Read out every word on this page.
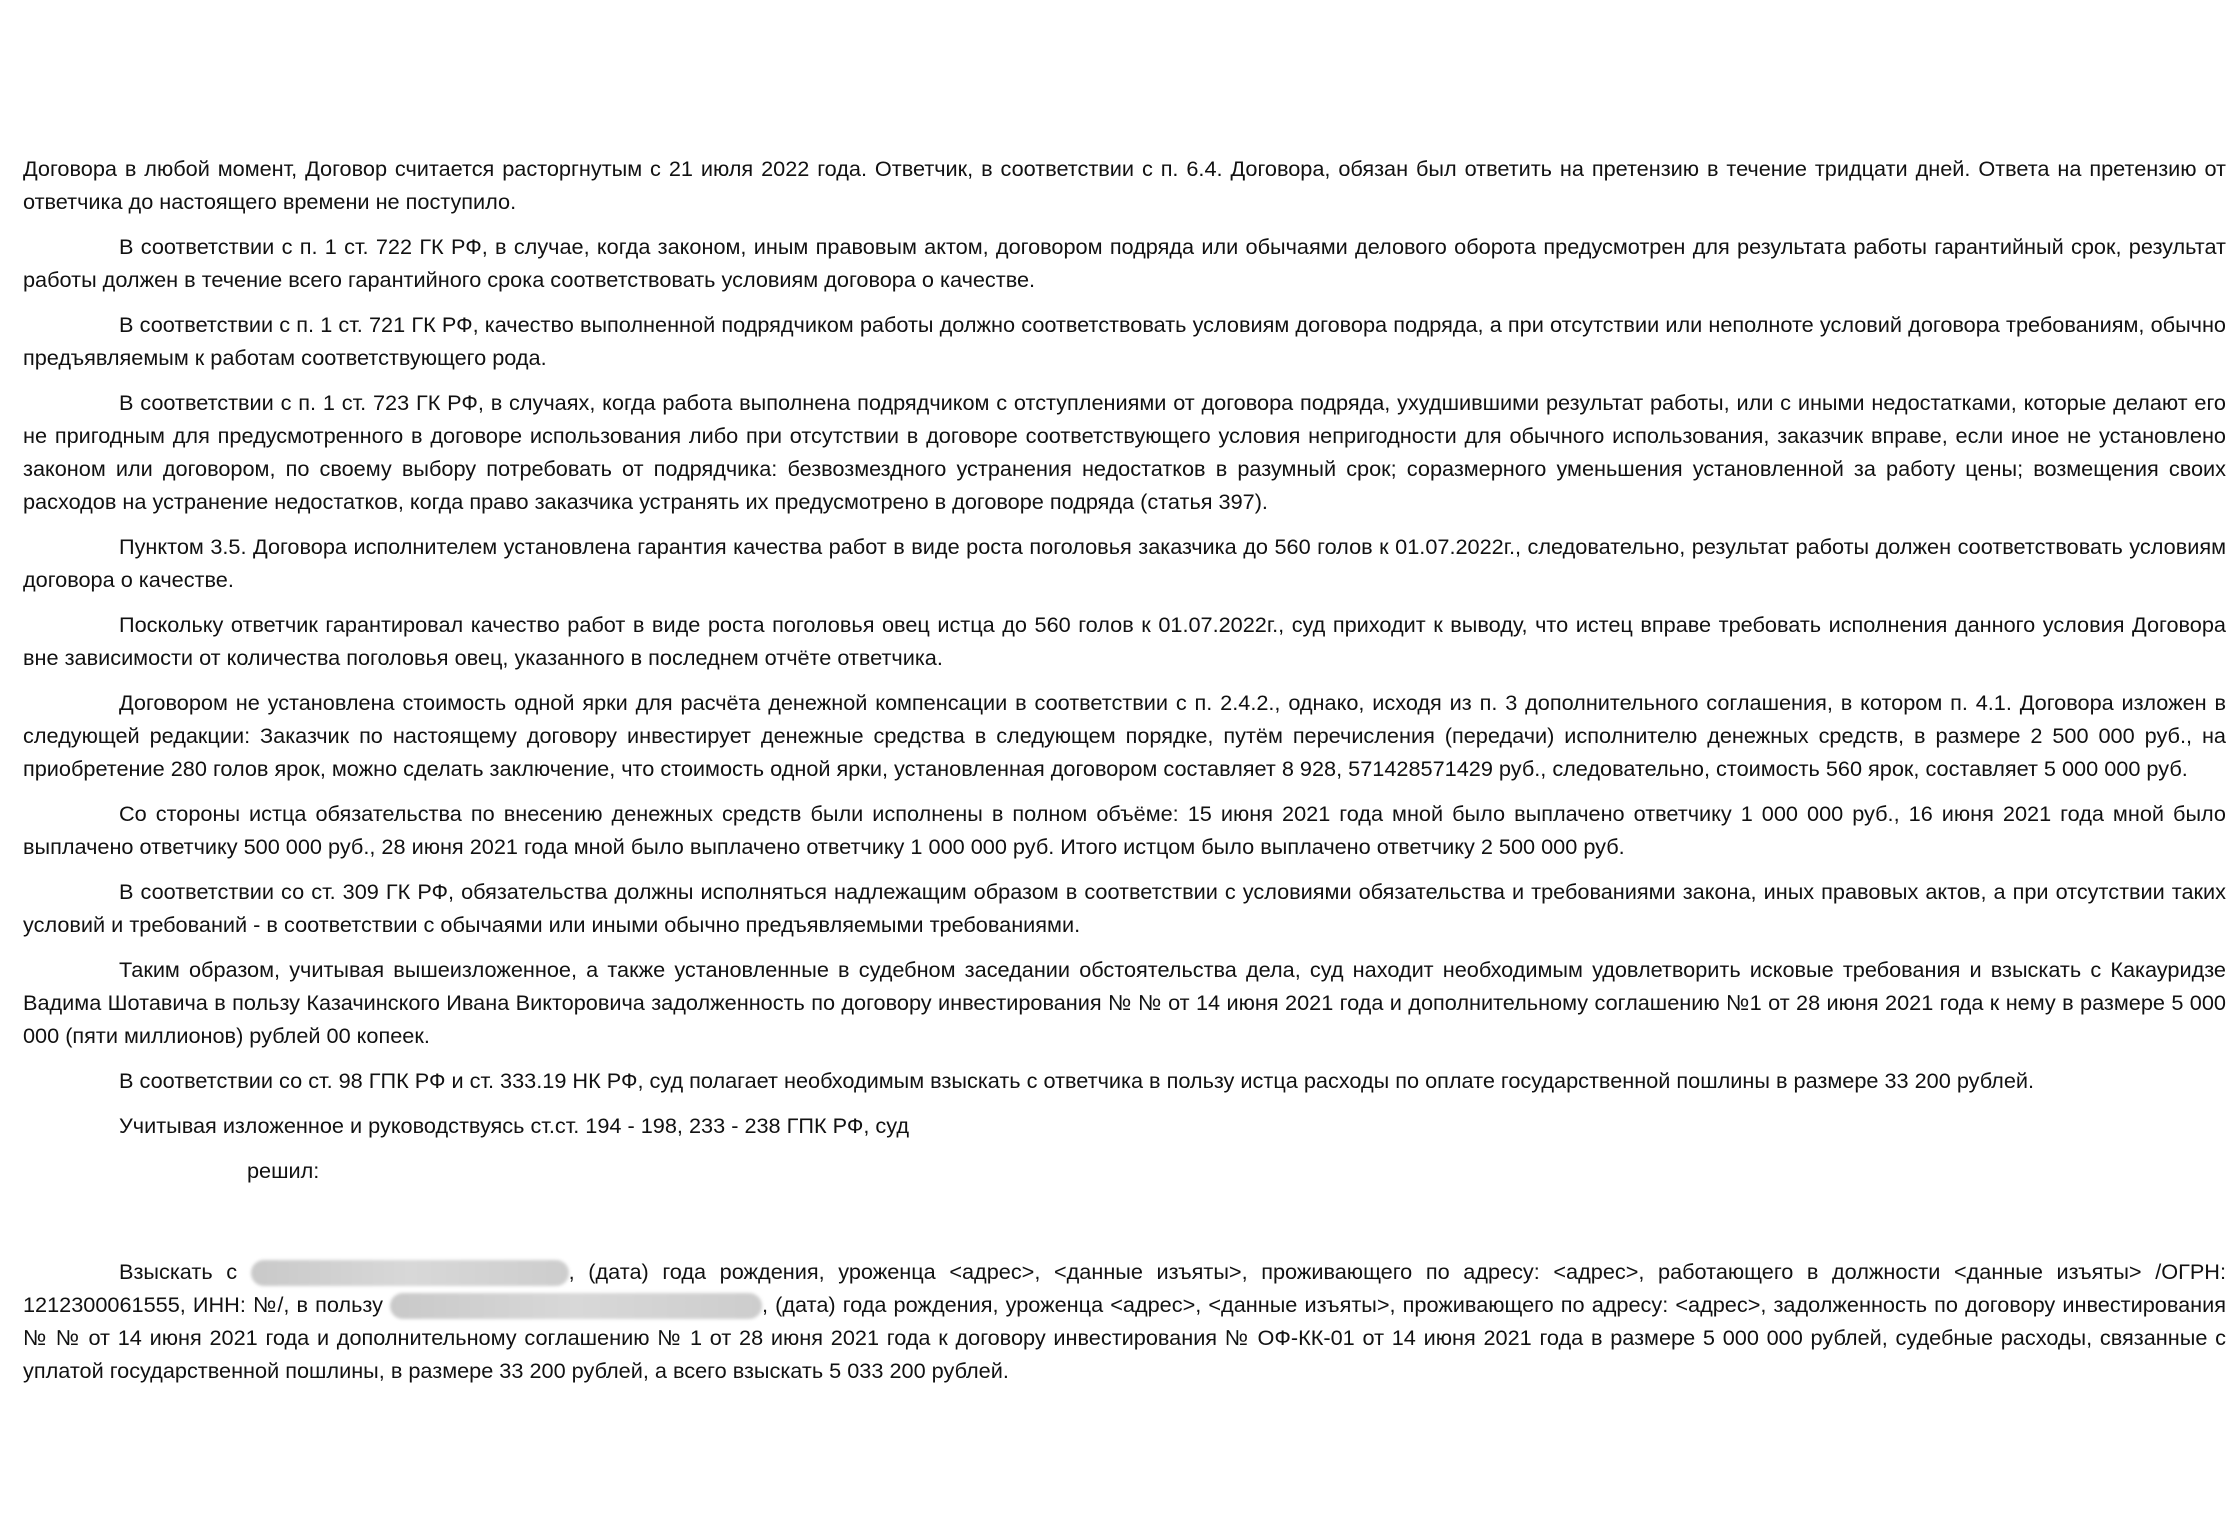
Договора в любой момент, Договор считается расторгнутым с 21 июля 2022 года. Ответчик, в соответствии с п. 6.4. Договора, обязан был ответить на претензию в течение тридцати дней. Ответа на претензию от ответчика до настоящего времени не поступило.

В соответствии с п. 1 ст. 722 ГК РФ, в случае, когда законом, иным правовым актом, договором подряда или обычаями делового оборота предусмотрен для результата работы гарантийный срок, результат работы должен в течение всего гарантийного срока соответствовать условиям договора о качестве.

В соответствии с п. 1 ст. 721 ГК РФ, качество выполненной подрядчиком работы должно соответствовать условиям договора подряда, а при отсутствии или неполноте условий договора требованиям, обычно предъявляемым к работам соответствующего рода.

В соответствии с п. 1 ст. 723 ГК РФ, в случаях, когда работа выполнена подрядчиком с отступлениями от договора подряда, ухудшившими результат работы, или с иными недостатками, которые делают его не пригодным для предусмотренного в договоре использования либо при отсутствии в договоре соответствующего условия непригодности для обычного использования, заказчик вправе, если иное не установлено законом или договором, по своему выбору потребовать от подрядчика: безвозмездного устранения недостатков в разумный срок; соразмерного уменьшения установленной за работу цены; возмещения своих расходов на устранение недостатков, когда право заказчика устранять их предусмотрено в договоре подряда (статья 397).

Пунктом 3.5. Договора исполнителем установлена гарантия качества работ в виде роста поголовья заказчика до 560 голов к 01.07.2022г., следовательно, результат работы должен соответствовать условиям договора о качестве.

Поскольку ответчик гарантировал качество работ в виде роста поголовья овец истца до 560 голов к 01.07.2022г., суд приходит к выводу, что истец вправе требовать исполнения данного условия Договора вне зависимости от количества поголовья овец, указанного в последнем отчёте ответчика.

Договором не установлена стоимость одной ярки для расчёта денежной компенсации в соответствии с п. 2.4.2., однако, исходя из п. 3 дополнительного соглашения, в котором п. 4.1. Договора изложен в следующей редакции: Заказчик по настоящему договору инвестирует денежные средства в следующем порядке, путём перечисления (передачи) исполнителю денежных средств, в размере 2 500 000 руб., на приобретение 280 голов ярок, можно сделать заключение, что стоимость одной ярки, установленная договором составляет 8 928, 571428571429 руб., следовательно, стоимость 560 ярок, составляет 5 000 000 руб.

Со стороны истца обязательства по внесению денежных средств были исполнены в полном объёме: 15 июня 2021 года мной было выплачено ответчику 1 000 000 руб., 16 июня 2021 года мной было выплачено ответчику 500 000 руб., 28 июня 2021 года мной было выплачено ответчику 1 000 000 руб. Итого истцом было выплачено ответчику 2 500 000 руб.

В соответствии со ст. 309 ГК РФ, обязательства должны исполняться надлежащим образом в соответствии с условиями обязательства и требованиями закона, иных правовых актов, а при отсутствии таких условий и требований - в соответствии с обычаями или иными обычно предъявляемыми требованиями.

Таким образом, учитывая вышеизложенное, а также установленные в судебном заседании обстоятельства дела, суд находит необходимым удовлетворить исковые требования и взыскать с Какауридзе Вадима Шотавича в пользу Казачинского Ивана Викторовича задолженность по договору инвестирования № № от 14 июня 2021 года и дополнительному соглашению №1 от 28 июня 2021 года к нему в размере 5 000 000 (пяти миллионов) рублей 00 копеек.

В соответствии со ст. 98 ГПК РФ и ст. 333.19 НК РФ, суд полагает необходимым взыскать с ответчика в пользу истца расходы по оплате государственной пошлины в размере 33 200 рублей.

Учитывая изложенное и руководствуясь ст.ст. 194 - 198, 233 - 238 ГПК РФ, суд

решил:

Взыскать с	, (дата) года рождения, уроженца <адрес>, <данные изъяты>, проживающего по адресу: <адрес>, работающего в должности <данные изъяты> /ОГРН: 1212300061555, ИНН: №/, в пользу	, (дата) года рождения, уроженца <адрес>, <данные изъяты>, проживающего по адресу: <адрес>, задолженность по договору инвестирования № № от 14 июня 2021 года и дополнительному соглашению № 1 от 28 июня 2021 года к договору инвестирования № ОФ-КК-01 от 14 июня 2021 года в размере 5 000 000 рублей, судебные расходы, связанные с уплатой государственной пошлины, в размере 33 200 рублей, а всего взыскать 5 033 200 рублей.
